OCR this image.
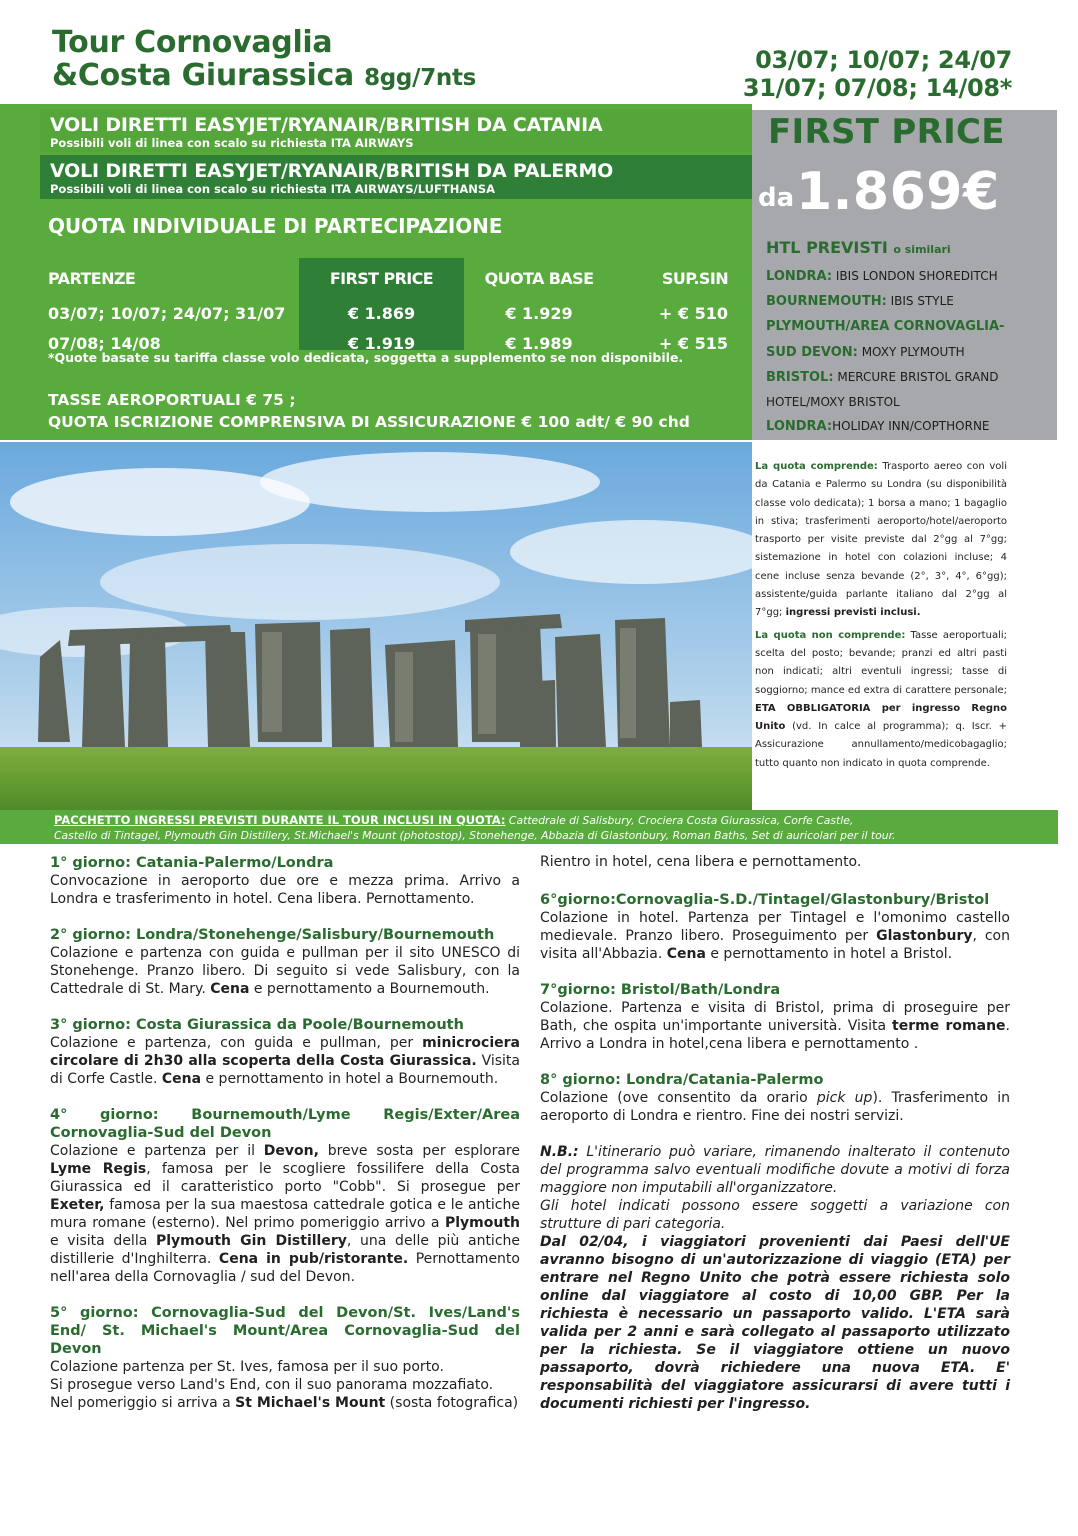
Tour Cornovaglia
&Costa Giurassica 8gg/7nts
03/07; 10/07; 24/07
31/07; 07/08; 14/08*
VOLI DIRETTI EASYJET/RYANAIR/BRITISH DA CATANIA
Possibili voli di linea con scalo su richiesta ITA AIRWAYS
VOLI DIRETTI EASYJET/RYANAIR/BRITISH DA PALERMO
Possibili voli di linea con scalo su richiesta ITA AIRWAYS/LUFTHANSA
QUOTA INDIVIDUALE DI PARTECIPAZIONE
PARTENZE	FIRST PRICE	QUOTA BASE	SUP.SIN
03/07; 10/07; 24/07; 31/07	€ 1.869	€ 1.929	+ € 510
07/08; 14/08	€ 1.919	€ 1.989	+ € 515
*Quote basate su tariffa classe volo dedicata, soggetta a supplemento se non disponibile.
TASSE AEROPORTUALI € 75 ;
QUOTA ISCRIZIONE COMPRENSIVA DI ASSICURAZIONE € 100 adt/ € 90 chd
FIRST PRICE
da 1.869€
HTL PREVISTI o similari
LONDRA: IBIS LONDON SHOREDITCH
BOURNEMOUTH: IBIS STYLE
PLYMOUTH/AREA CORNOVAGLIA-
SUD DEVON: MOXY PLYMOUTH
BRISTOL: MERCURE BRISTOL GRAND HOTEL/MOXY BRISTOL
LONDRA:HOLIDAY INN/COPTHORNE

La quota comprende: Trasporto aereo con voli da Catania e Palermo su Londra (su disponibilità classe volo dedicata); 1 borsa a mano; 1 bagaglio in stiva; trasferimenti aeroporto/hotel/aeroporto trasporto per visite previste dal 2°gg al 7°gg; sistemazione in hotel con colazioni incluse; 4 cene incluse senza bevande (2°, 3°, 4°, 6°gg); assistente/guida parlante italiano dal 2°gg al 7°gg; ingressi previsti inclusi.

La quota non comprende: Tasse aeroportuali; scelta del posto; bevande; pranzi ed altri pasti non indicati; altri eventuli ingressi; tasse di soggiorno; mance ed extra di carattere personale; ETA OBBLIGATORIA per ingresso Regno Unito (vd. In calce al programma); q. Iscr. + Assicurazione annullamento/medicobagaglio; tutto quanto non indicato in quota comprende.

PACCHETTO INGRESSI PREVISTI DURANTE IL TOUR INCLUSI IN QUOTA: Cattedrale di Salisbury, Crociera Costa Giurassica, Corfe Castle,
Castello di Tintagel, Plymouth Gin Distillery, St.Michael's Mount (photostop), Stonehenge, Abbazia di Glastonbury, Roman Baths, Set di auricolari per il tour.
1° giorno: Catania-Palermo/Londra
Convocazione in aeroporto due ore e mezza prima. Arrivo a Londra e trasferimento in hotel. Cena libera. Pernottamento.
2° giorno: Londra/Stonehenge/Salisbury/Bournemouth
Colazione e partenza con guida e pullman per il sito UNESCO di Stonehenge. Pranzo libero. Di seguito si vede Salisbury, con la Cattedrale di St. Mary. Cena e pernottamento a Bournemouth.
3° giorno: Costa Giurassica da Poole/Bournemouth
Colazione e partenza, con guida e pullman, per minicrociera circolare di 2h30 alla scoperta della Costa Giurassica. Visita di Corfe Castle. Cena e pernottamento in hotel a Bournemouth.
4° giorno: Bournemouth/Lyme Regis/Exter/Area Cornovaglia-Sud del Devon
Colazione e partenza per il Devon, breve sosta per esplorare Lyme Regis, famosa per le scogliere fossilifere della Costa Giurassica ed il caratteristico porto "Cobb". Si prosegue per Exeter, famosa per la sua maestosa cattedrale gotica e le antiche mura romane (esterno). Nel primo pomeriggio arrivo a Plymouth e visita della Plymouth Gin Distillery, una delle più antiche distillerie d'Inghilterra. Cena in pub/ristorante. Pernottamento nell'area della Cornovaglia / sud del Devon.
5° giorno: Cornovaglia-Sud del Devon/St. Ives/Land's End/ St. Michael's Mount/Area Cornovaglia-Sud del Devon
Colazione partenza per St. Ives, famosa per il suo porto.
Si prosegue verso Land's End, con il suo panorama mozzafiato.
Nel pomeriggio si arriva a St Michael's Mount (sosta fotografica)
Rientro in hotel, cena libera e pernottamento.
6°giorno:Cornovaglia-S.D./Tintagel/Glastonbury/Bristol
Colazione in hotel. Partenza per Tintagel e l'omonimo castello medievale. Pranzo libero. Proseguimento per Glastonbury, con visita all'Abbazia. Cena e pernottamento in hotel a Bristol.
7°giorno: Bristol/Bath/Londra
Colazione. Partenza e visita di Bristol, prima di proseguire per Bath, che ospita un'importante università. Visita terme romane. Arrivo a Londra in hotel,cena libera e pernottamento .
8° giorno: Londra/Catania-Palermo
Colazione (ove consentito da orario pick up). Trasferimento in aeroporto di Londra e rientro. Fine dei nostri servizi.
N.B.: L'itinerario può variare, rimanendo inalterato il contenuto del programma salvo eventuali modifiche dovute a motivi di forza maggiore non imputabili all'organizzatore.
Gli hotel indicati possono essere soggetti a variazione con strutture di pari categoria.
Dal 02/04, i viaggiatori provenienti dai Paesi dell'UE avranno bisogno di un'autorizzazione di viaggio (ETA) per entrare nel Regno Unito che potrà essere richiesta solo online dal viaggiatore al costo di 10,00 GBP. Per la richiesta è necessario un passaporto valido. L'ETA sarà valida per 2 anni e sarà collegato al passaporto utilizzato per la richiesta. Se il viaggiatore ottiene un nuovo passaporto, dovrà richiedere una nuova ETA. E' responsabilità del viaggiatore assicurarsi di avere tutti i documenti richiesti per l'ingresso.
